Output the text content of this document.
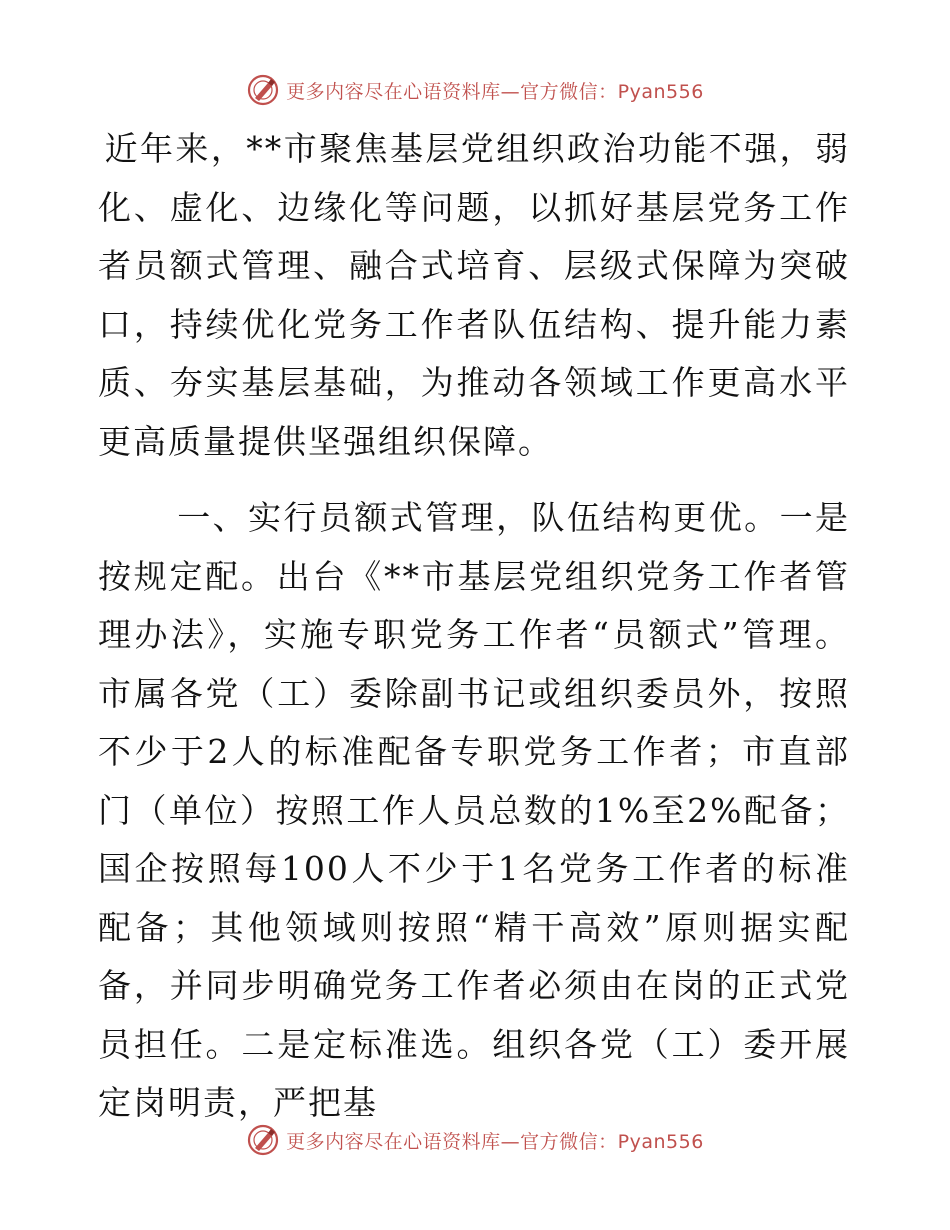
更多内容尽在心语资料库—官方微信：Pyan556

近年来，**市聚焦基层党组织政治功能不强，弱化、虚化、边缘化等问题，以抓好基层党务工作者员额式管理、融合式培育、层级式保障为突破口，持续优化党务工作者队伍结构、提升能力素质、夯实基层基础，为推动各领域工作更高水平更高质量提供坚强组织保障。

一、实行员额式管理，队伍结构更优。一是按规定配。出台《**市基层党组织党务工作者管理办法》，实施专职党务工作者“员额式”管理。市属各党（工）委除副书记或组织委员外，按照不少于2人的标准配备专职党务工作者；市直部门（单位）按照工作人员总数的1%至2%配备；国企按照每100人不少于1名党务工作者的标准配备；其他领域则按照“精干高效”原则据实配备，并同步明确党务工作者必须由在岗的正式党员担任。二是定标准选。组织各党（工）委开展定岗明责，严把基

更多内容尽在心语资料库—官方微信：Pyan556
